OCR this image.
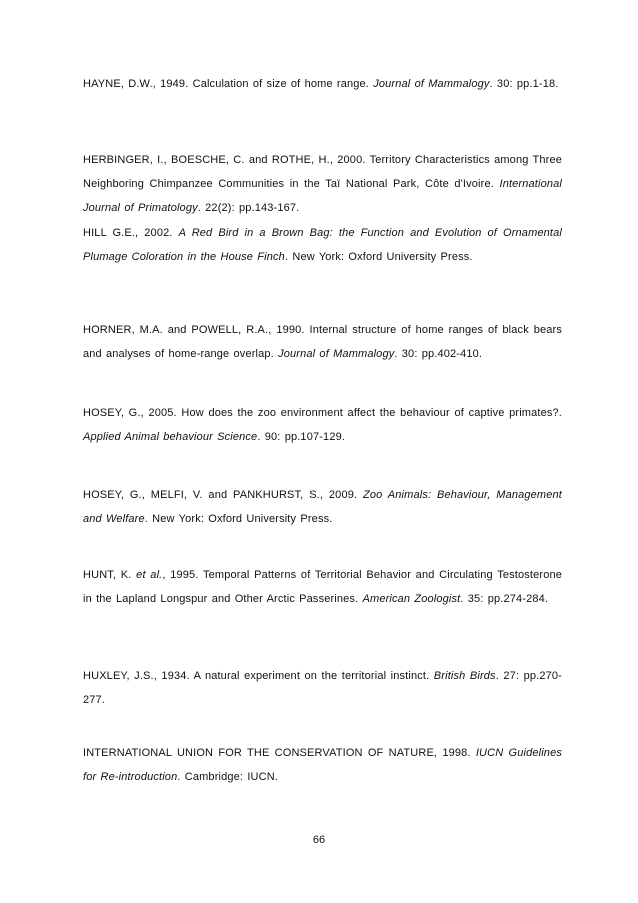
HAYNE, D.W., 1949. Calculation of size of home range. Journal of Mammalogy. 30: pp.1-18.

HERBINGER, I., BOESCHE, C. and ROTHE, H., 2000. Territory Characteristics among Three Neighboring Chimpanzee Communities in the Taï National Park, Côte d'Ivoire. International Journal of Primatology. 22(2): pp.143-167.

HILL G.E., 2002. A Red Bird in a Brown Bag: the Function and Evolution of Ornamental Plumage Coloration in the House Finch. New York: Oxford University Press.

HORNER, M.A. and POWELL, R.A., 1990. Internal structure of home ranges of black bears and analyses of home-range overlap. Journal of Mammalogy. 30: pp.402-410.

HOSEY, G., 2005. How does the zoo environment affect the behaviour of captive primates?. Applied Animal behaviour Science. 90: pp.107-129.

HOSEY, G., MELFI, V. and PANKHURST, S., 2009. Zoo Animals: Behaviour, Management and Welfare. New York: Oxford University Press.

HUNT, K. et al., 1995. Temporal Patterns of Territorial Behavior and Circulating Testosterone in the Lapland Longspur and Other Arctic Passerines. American Zoologist. 35: pp.274-284.

HUXLEY, J.S., 1934. A natural experiment on the territorial instinct. British Birds. 27: pp.270-277.

INTERNATIONAL UNION FOR THE CONSERVATION OF NATURE, 1998. IUCN Guidelines for Re-introduction. Cambridge: IUCN.

66
